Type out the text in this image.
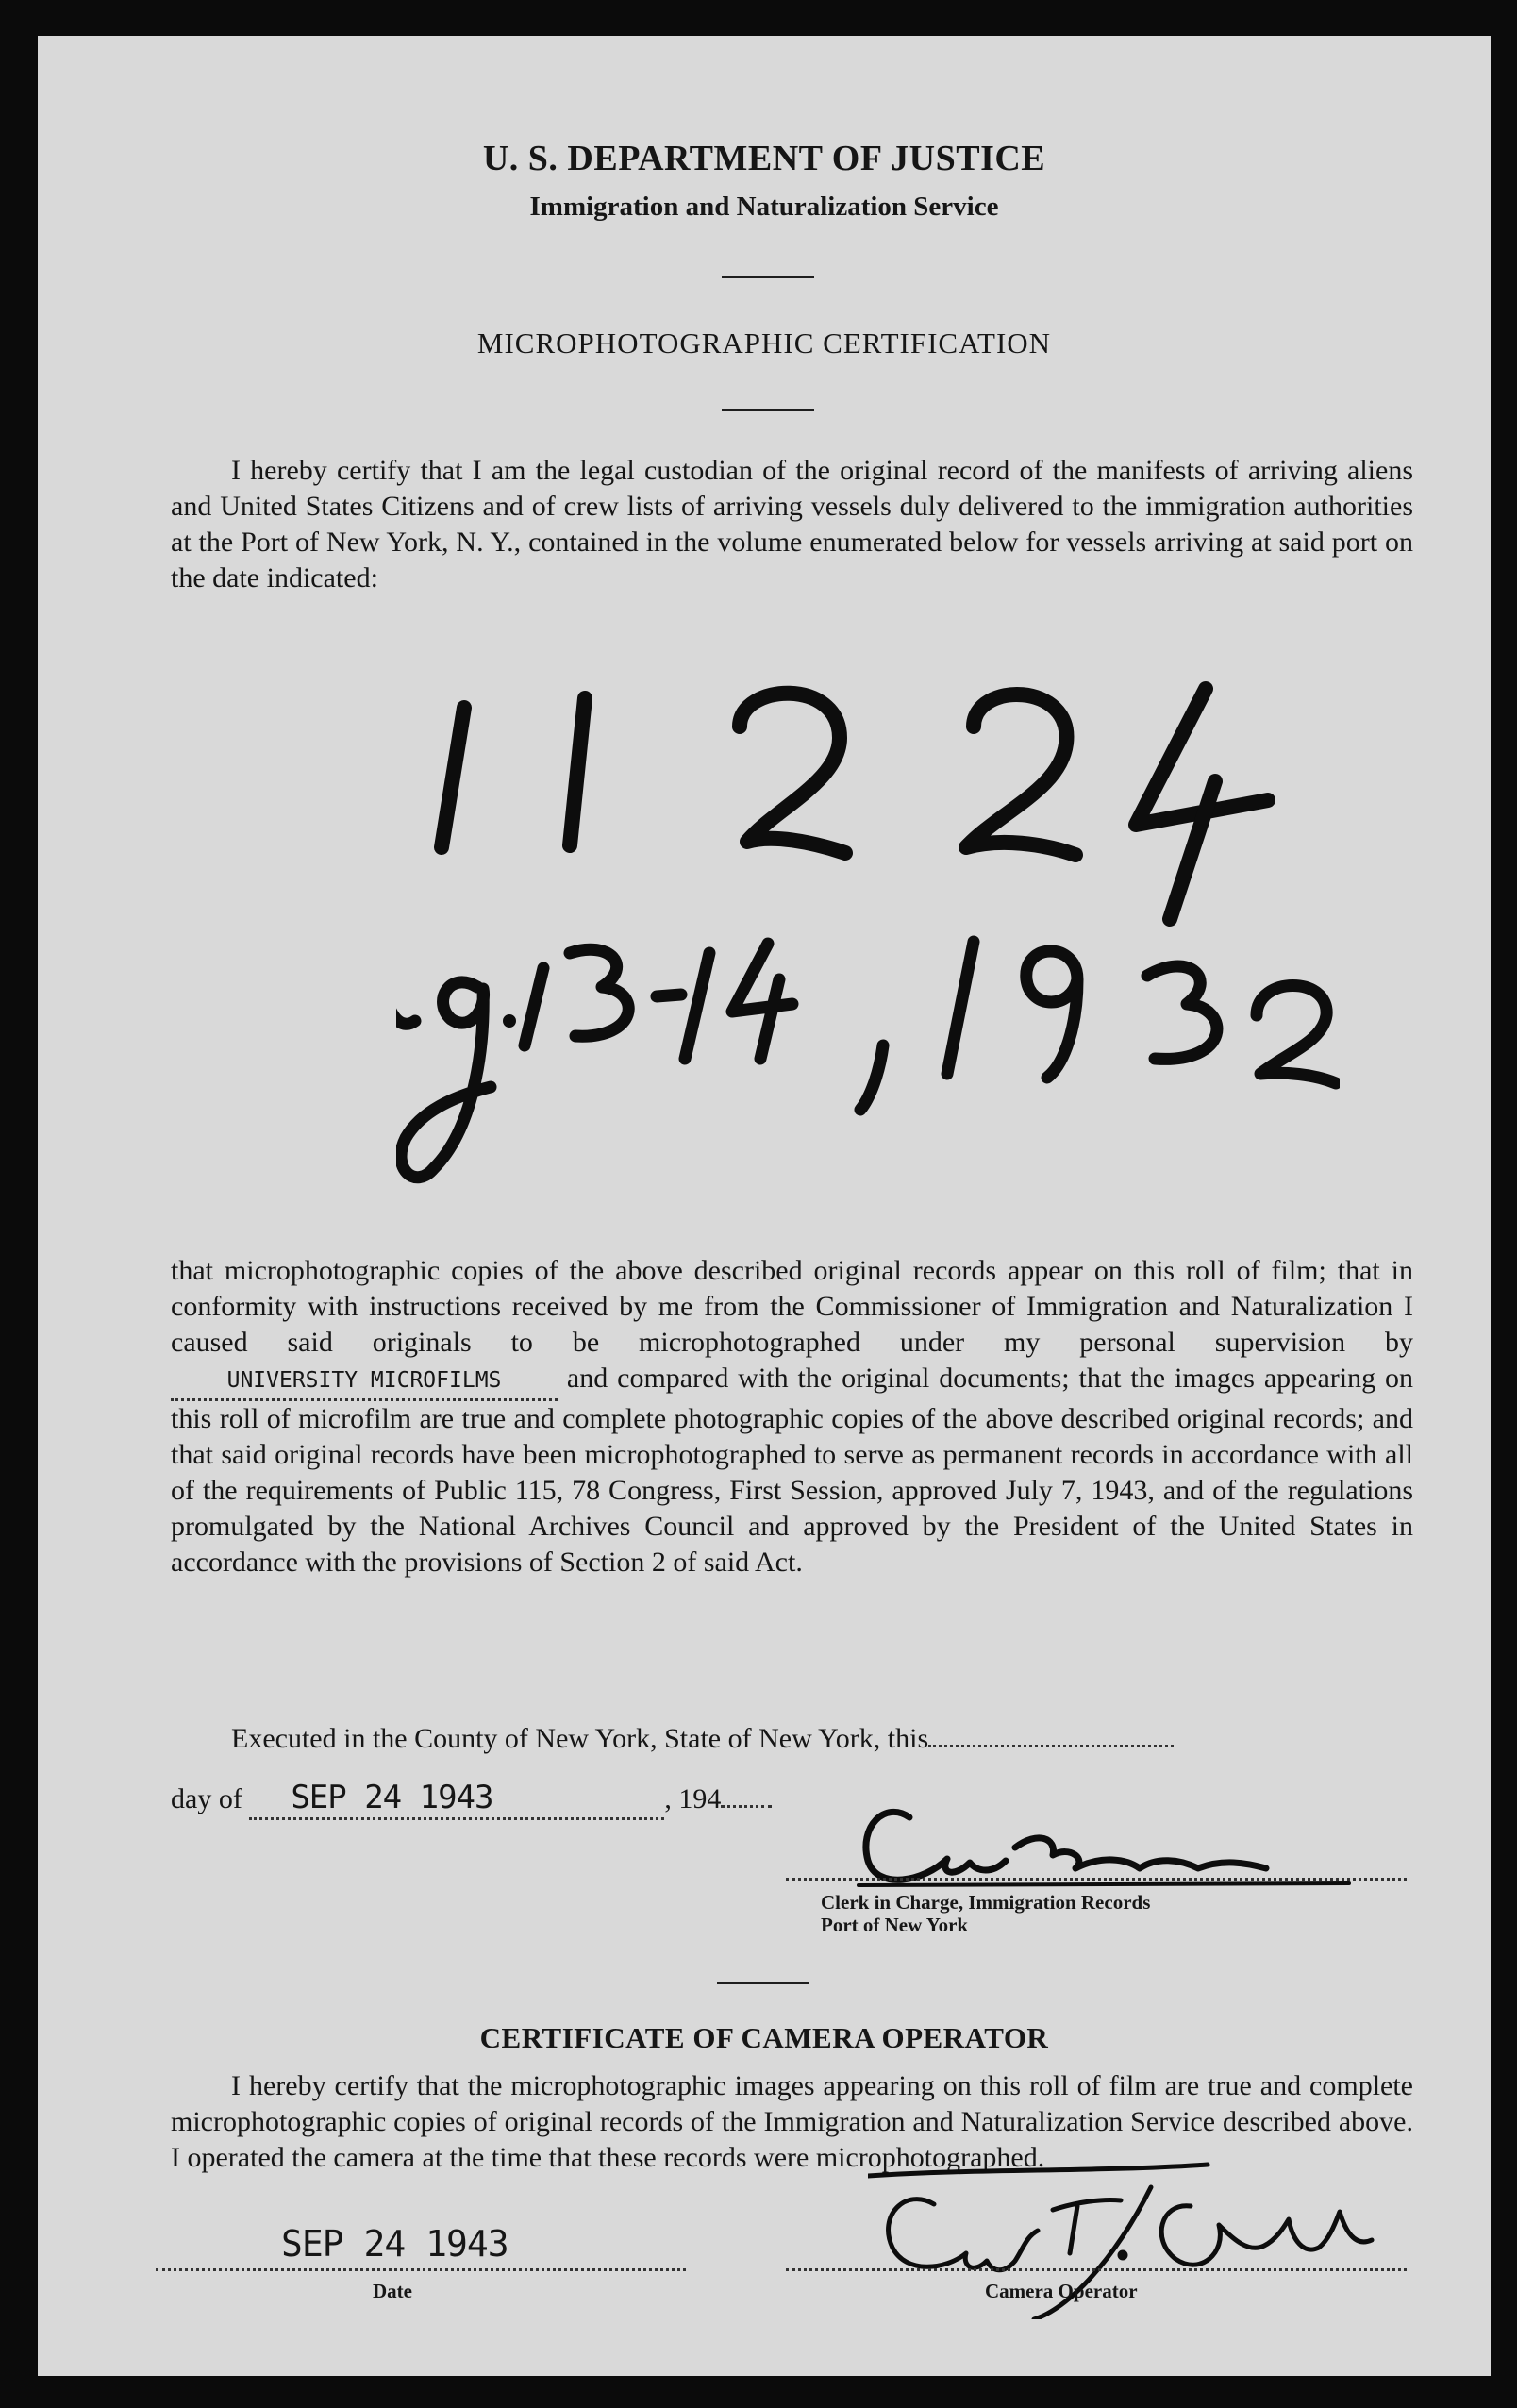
U. S. DEPARTMENT OF JUSTICE
Immigration and Naturalization Service
MICROPHOTOGRAPHIC CERTIFICATION

I hereby certify that I am the legal custodian of the original record of the manifests of arriving aliens and United States Citizens and of crew lists of arriving vessels duly delivered to the immigration authorities at the Port of New York, N. Y., contained in the volume enumerated below for vessels arriving at said port on the date indicated:

that microphotographic copies of the above described original records appear on this roll of film; that in conformity with instructions received by me from the Commissioner of Immigration and Naturalization I caused said originals to be microphotographed under my personal supervision by UNIVERSITY MICROFILMS and compared with the original documents; that the images appearing on this roll of microfilm are true and complete photographic copies of the above described original records; and that said original records have been microphotographed to serve as permanent records in accordance with all of the requirements of Public 115, 78 Congress, First Session, approved July 7, 1943, and of the regulations promulgated by the National Archives Council and approved by the President of the United States in accordance with the provisions of Section 2 of said Act.

Executed in the County of New York, State of New York, this

day of SEP 24 1943	, 194
Clerk in Charge, Immigration Records
Port of New York
CERTIFICATE OF CAMERA OPERATOR

I hereby certify that the microphotographic images appearing on this roll of film are true and complete microphotographic copies of original records of the Immigration and Naturalization Service described above. I operated the camera at the time that these records were microphotographed.

SEP 24 1943
Date	Camera Operator
